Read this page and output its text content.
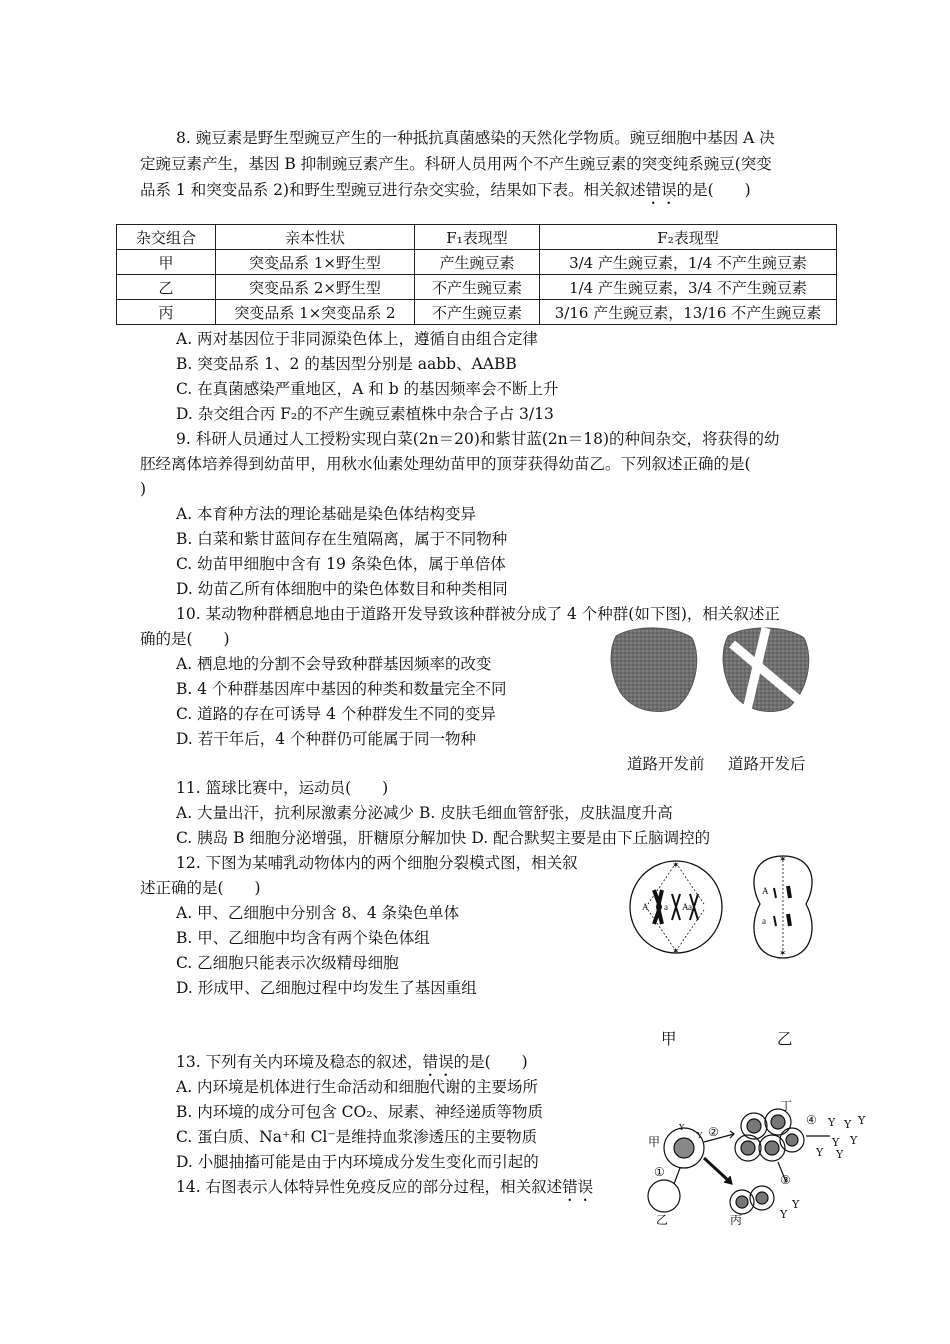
8. 豌豆素是野生型豌豆产生的一种抵抗真菌感染的天然化学物质。豌豆细胞中基因 A 决
定豌豆素产生，基因 B 抑制豌豆素产生。科研人员用两个不产生豌豆素的突变纯系豌豆(突变
品系 1 和突变品系 2)和野生型豌豆进行杂交实验，结果如下表。相关叙述错误的是(　　)
杂交组合	亲本性状	F₁表现型	F₂表现型
甲	突变品系 1×野生型	产生豌豆素	3/4 产生豌豆素，1/4 不产生豌豆素
乙	突变品系 2×野生型	不产生豌豆素	1/4 产生豌豆素，3/4 不产生豌豆素
丙	突变品系 1×突变品系 2	不产生豌豆素	3/16 产生豌豆素，13/16 不产生豌豆素
A. 两对基因位于非同源染色体上，遵循自由组合定律
B. 突变品系 1、2 的基因型分别是 aabb、AABB
C. 在真菌感染严重地区，A 和 b 的基因频率会不断上升
D. 杂交组合丙 F₂的不产生豌豆素植株中杂合子占 3/13
9. 科研人员通过人工授粉实现白菜(2n＝20)和紫甘蓝(2n＝18)的种间杂交，将获得的幼
胚经离体培养得到幼苗甲，用秋水仙素处理幼苗甲的顶芽获得幼苗乙。下列叙述正确的是(
)
A. 本育种方法的理论基础是染色体结构变异
B. 白菜和紫甘蓝间存在生殖隔离，属于不同物种
C. 幼苗甲细胞中含有 19 条染色体，属于单倍体
D. 幼苗乙所有体细胞中的染色体数目和种类相同
10. 某动物种群栖息地由于道路开发导致该种群被分成了 4 个种群(如下图)，相关叙述正
确的是(　　)
A. 栖息地的分割不会导致种群基因频率的改变
B. 4 个种群基因库中基因的种类和数量完全不同
C. 道路的存在可诱导 4 个种群发生不同的变异
D. 若干年后，4 个种群仍可能属于同一物种
道路开发前 道路开发后
11. 篮球比赛中，运动员(　　)
A. 大量出汗，抗利尿激素分泌减少 B. 皮肤毛细血管舒张，皮肤温度升高
C. 胰岛 B 细胞分泌增强，肝糖原分解加快 D. 配合默契主要是由下丘脑调控的
12. 下图为某哺乳动物体内的两个细胞分裂模式图，相关叙
述正确的是(　　)
A. 甲、乙细胞中分别含 8、4 条染色单体
B. 甲、乙细胞中均含有两个染色体组
C. 乙细胞只能表示次级精母细胞
D. 形成甲、乙细胞过程中均发生了基因重组
✶
✶
A a A a
✶
✶
A
a
甲	乙
13. 下列有关内环境及稳态的叙述，错误的是(　　)
A. 内环境是机体进行生命活动和细胞代谢的主要场所
B. 内环境的成分可包含 CO₂、尿素、神经递质等物质
C. 蛋白质、Na⁺和 Cl⁻是维持血浆渗透压的主要物质
D. 小腿抽搐可能是由于内环境成分发生变化而引起的
14. 右图表示人体特异性免疫反应的部分过程，相关叙述错误
Y
Y
Y Y Y
Y Y
Y
Y
Y
Y
甲
乙	丙
丁
①
②
③
④
